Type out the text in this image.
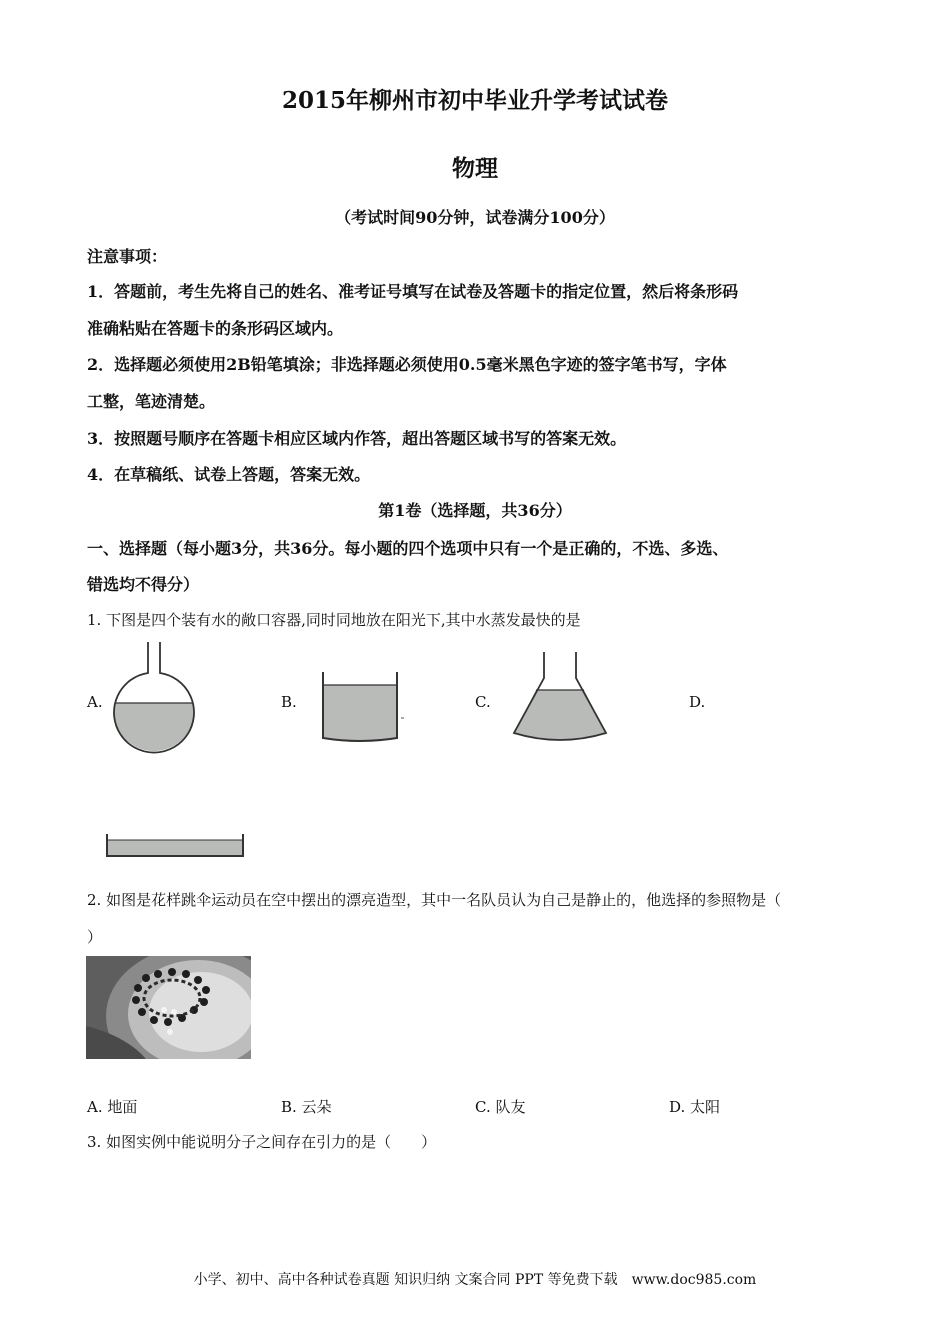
2015年柳州市初中毕业升学考试试卷
物理
（考试时间90分钟，试卷满分100分）
注意事项：
1．答题前，考生先将自己的姓名、准考证号填写在试卷及答题卡的指定位置，然后将条形码
准确粘贴在答题卡的条形码区域内。
2．选择题必须使用2B铅笔填涂；非选择题必须使用0.5毫米黑色字迹的签字笔书写，字体
工整，笔迹清楚。
3．按照题号顺序在答题卡相应区域内作答，超出答题区域书写的答案无效。
4．在草稿纸、试卷上答题，答案无效。
第1卷（选择题，共36分）
一、选择题（每小题3分，共36分。每小题的四个选项中只有一个是正确的，不选、多选、
错选均不得分）
1. 下图是四个装有水的敞口容器,同时同地放在阳光下,其中水蒸发最快的是
A.	B.	C.	D.
2. 如图是花样跳伞运动员在空中摆出的漂亮造型，其中一名队员认为自己是静止的，他选择的参照物是（
）
A. 地面	B. 云朵	C. 队友	D. 太阳
3. 如图实例中能说明分子之间存在引力的是（　　）
小学、初中、高中各种试卷真题 知识归纳 文案合同 PPT 等免费下载　www.doc985.com
